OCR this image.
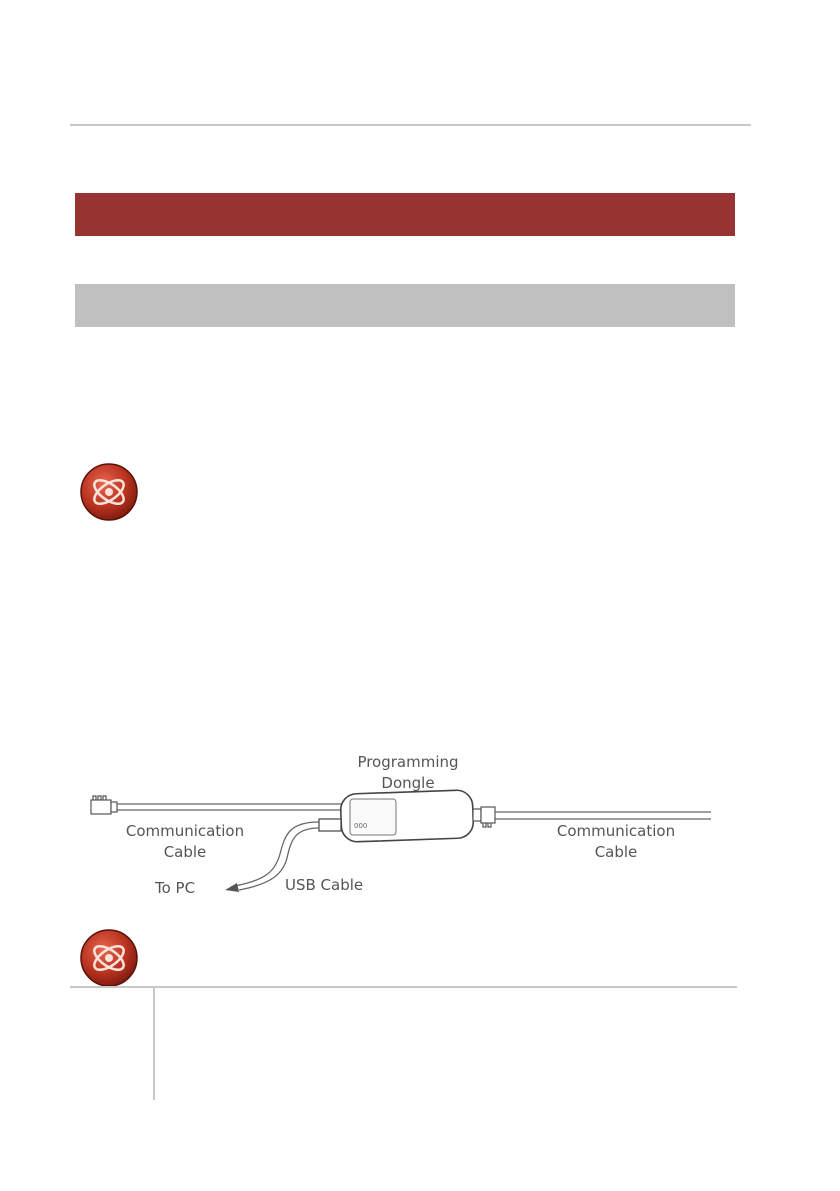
000
Programming
Dongle
Communication
Cable
Communication
Cable
To PC	USB Cable
